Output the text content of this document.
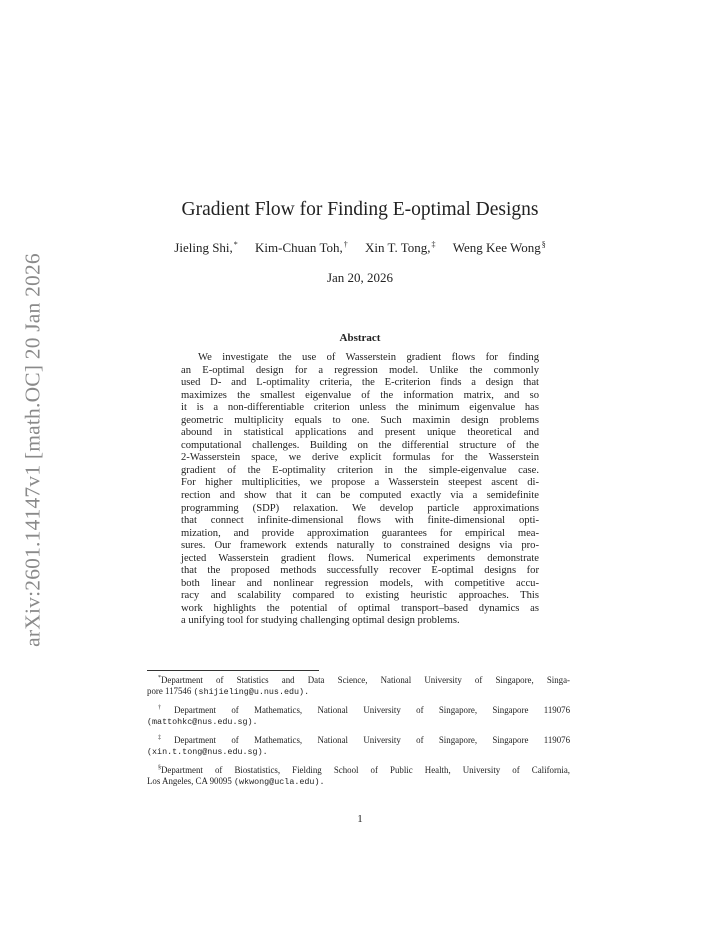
arXiv:2601.14147v1 [math.OC] 20 Jan 2026
Gradient Flow for Finding E-optimal Designs
Jieling Shi,* Kim-Chuan Toh,† Xin T. Tong,‡ Weng Kee Wong§
Jan 20, 2026
Abstract
We investigate the use of Wasserstein gradient flows for finding
an E-optimal design for a regression model. Unlike the commonly
used D- and L-optimality criteria, the E-criterion finds a design that
maximizes the smallest eigenvalue of the information matrix, and so
it is a non-differentiable criterion unless the minimum eigenvalue has
geometric multiplicity equals to one. Such maximin design problems
abound in statistical applications and present unique theoretical and
computational challenges. Building on the differential structure of the
2-Wasserstein space, we derive explicit formulas for the Wasserstein
gradient of the E-optimality criterion in the simple-eigenvalue case.
For higher multiplicities, we propose a Wasserstein steepest ascent di-
rection and show that it can be computed exactly via a semidefinite
programming (SDP) relaxation. We develop particle approximations
that connect infinite-dimensional flows with finite-dimensional opti-
mization, and provide approximation guarantees for empirical mea-
sures. Our framework extends naturally to constrained designs via pro-
jected Wasserstein gradient flows. Numerical experiments demonstrate
that the proposed methods successfully recover E-optimal designs for
both linear and nonlinear regression models, with competitive accu-
racy and scalability compared to existing heuristic approaches. This
work highlights the potential of optimal transport–based dynamics as
a unifying tool for studying challenging optimal design problems.
*Department of Statistics and Data Science, National University of Singapore, Singa-
pore 117546 (shijieling@u.nus.edu).
†Department of Mathematics, National University of Singapore, Singapore 119076
(mattohkc@nus.edu.sg).
‡Department of Mathematics, National University of Singapore, Singapore 119076
(xin.t.tong@nus.edu.sg).
§Department of Biostatistics, Fielding School of Public Health, University of California,
Los Angeles, CA 90095 (wkwong@ucla.edu).
1
